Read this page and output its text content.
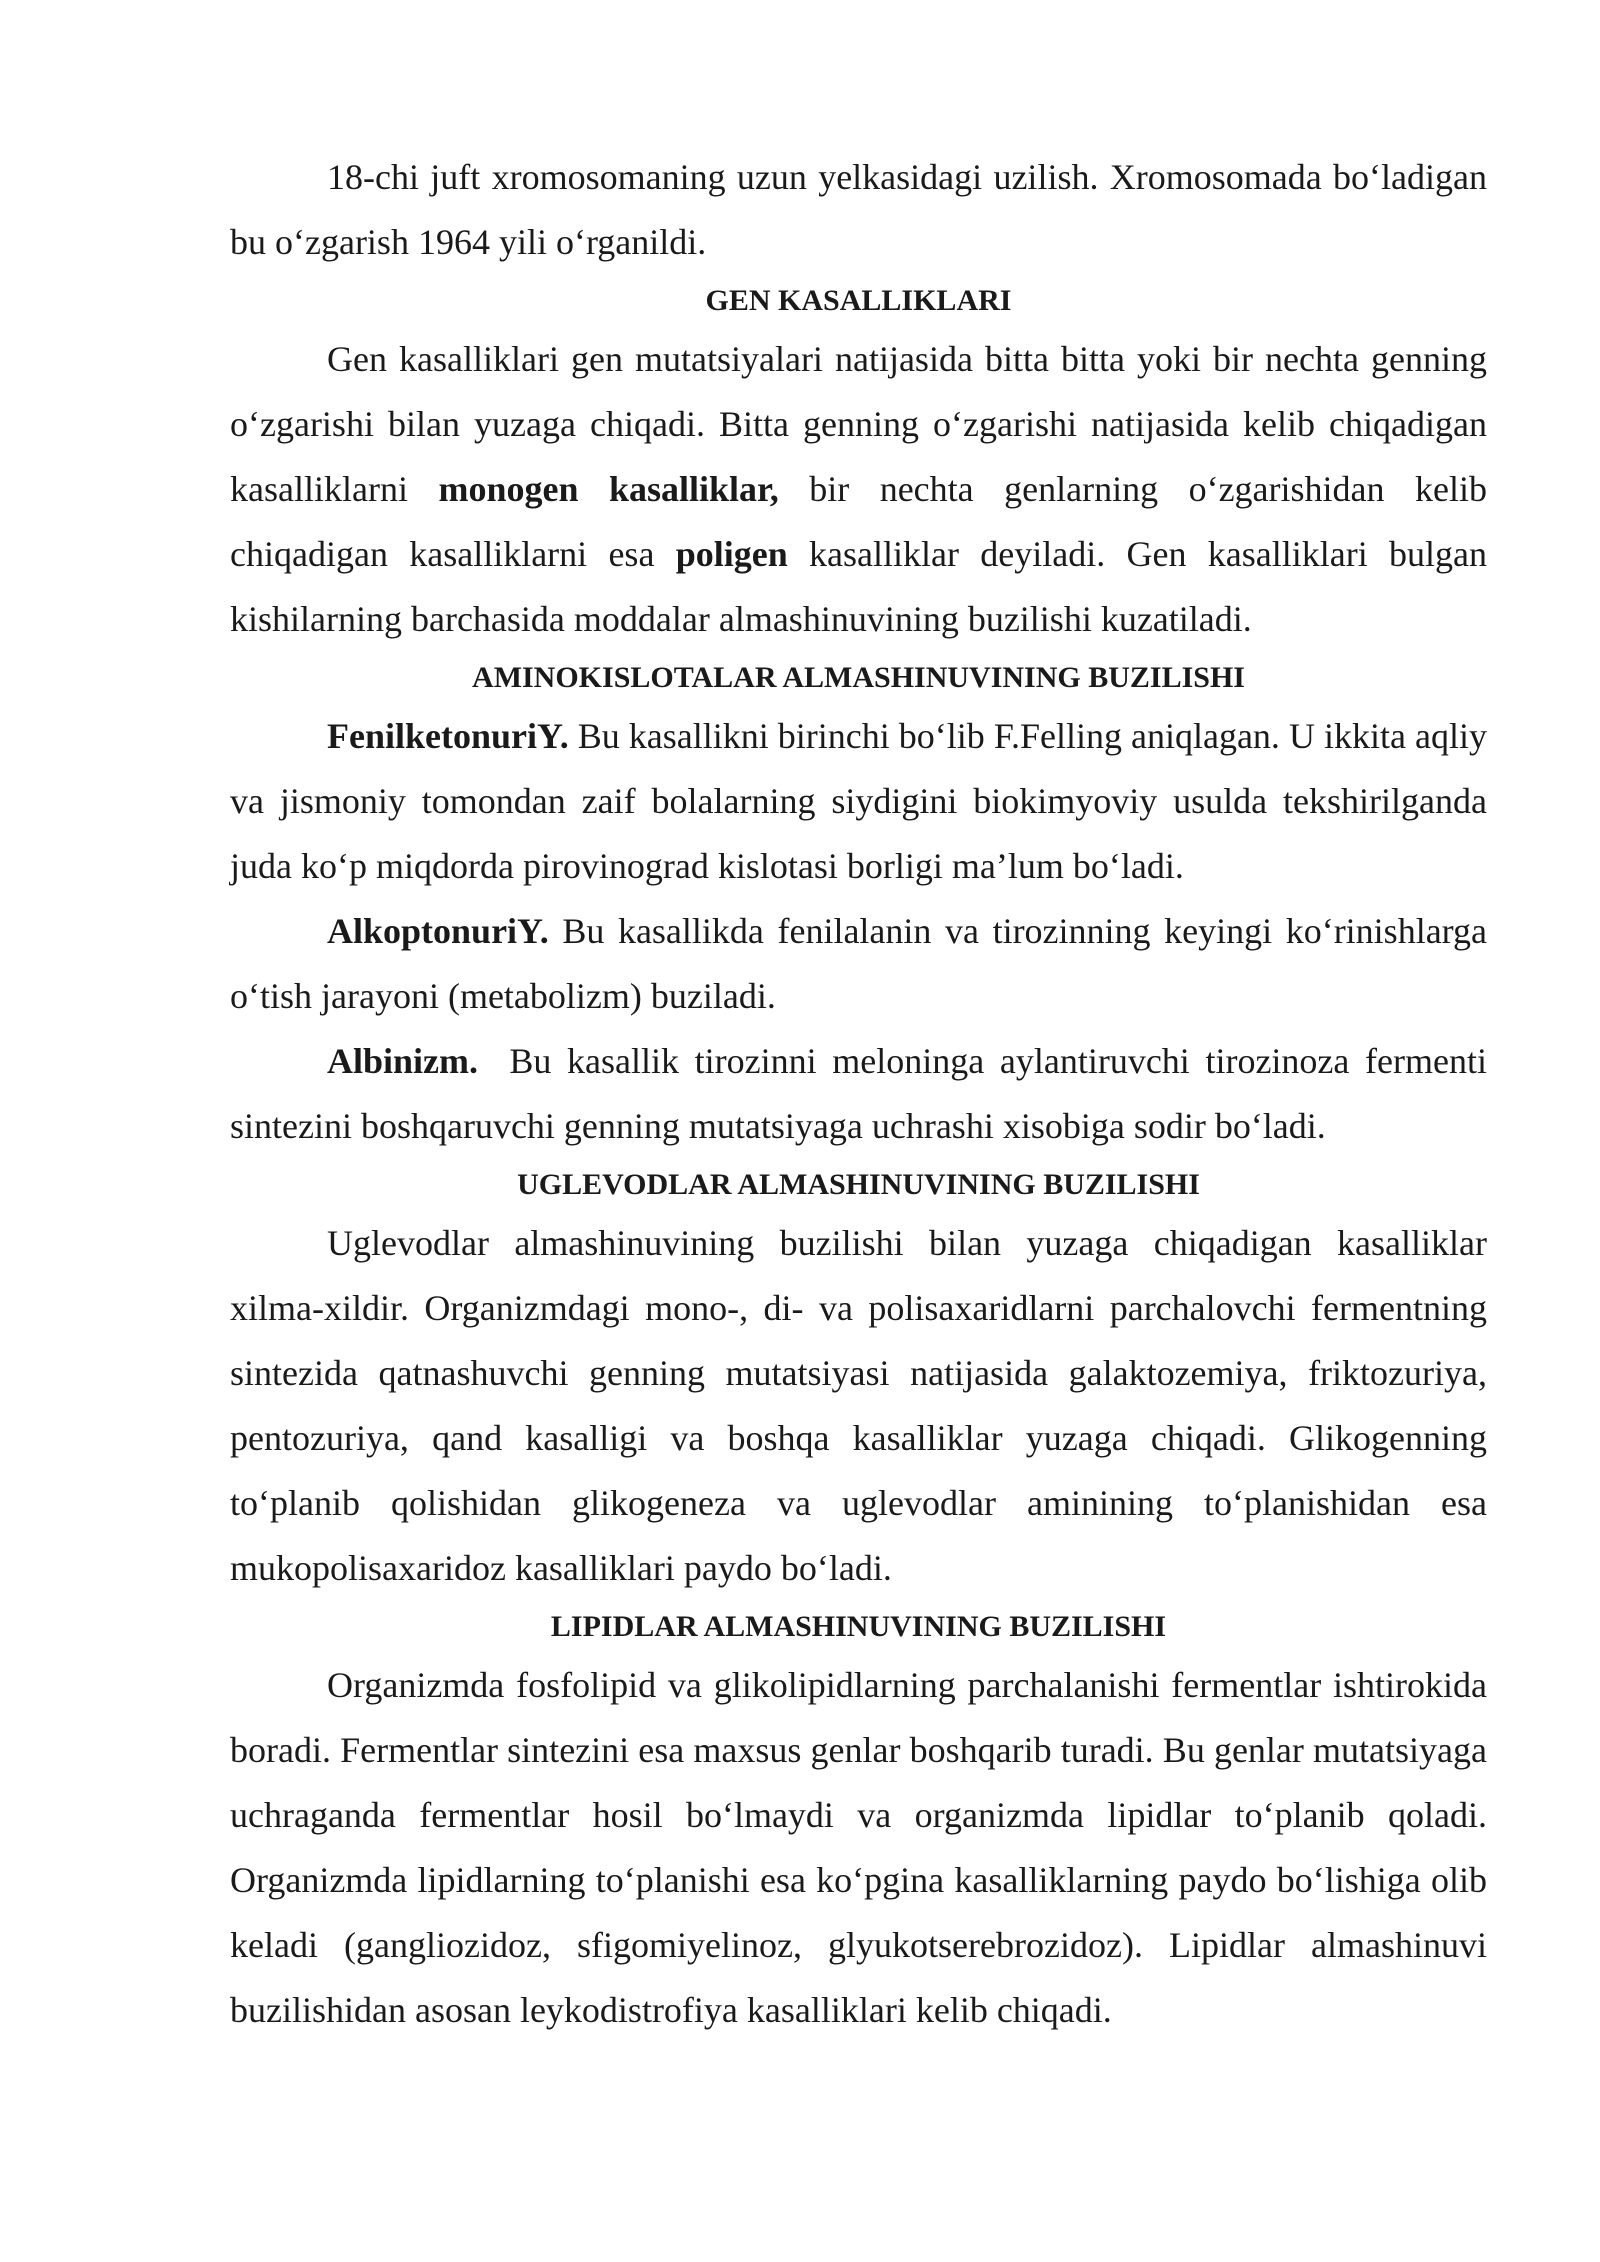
18-chi juft xromosomaning uzun yelkasidagi uzilish. Xromosomada bo‘ladigan bu o‘zgarish 1964 yili o‘rganildi.

GEN KASALLIKLARI

Gen kasalliklari gen mutatsiyalari natijasida bitta bitta yoki bir nechta genning o‘zgarishi bilan yuzaga chiqadi. Bitta genning o‘zgarishi natijasida kelib chiqadigan kasalliklarni monogen kasalliklar, bir nechta genlarning o‘zgarishidan kelib chiqadigan kasalliklarni esa poligen kasalliklar deyiladi. Gen kasalliklari bulgan kishilarning barchasida moddalar almashinuvining buzilishi kuzatiladi.

AMINOKISLOTALAR ALMASHINUVINING BUZILISHI

FenilketonuriY. Bu kasallikni birinchi bo‘lib F.Felling aniqlagan. U ikkita aqliy va jismoniy tomondan zaif bolalarning siydigini biokimyoviy usulda tekshirilganda juda ko‘p miqdorda pirovinograd kislotasi borligi ma’lum bo‘ladi.

AlkoptonuriY. Bu kasallikda fenilalanin va tirozinning keyingi ko‘rinishlarga o‘tish jarayoni (metabolizm) buziladi.

Albinizm.  Bu kasallik tirozinni meloninga aylantiruvchi tirozinoza fermenti sintezini boshqaruvchi genning mutatsiyaga uchrashi xisobiga sodir bo‘ladi.

UGLEVODLAR ALMASHINUVINING BUZILISHI

Uglevodlar almashinuvining buzilishi bilan yuzaga chiqadigan kasalliklar xilma-xildir. Organizmdagi mono-, di- va polisaxaridlarni parchalovchi fermentning sintezida qatnashuvchi genning mutatsiyasi natijasida galaktozemiya, friktozuriya, pentozuriya, qand kasalligi va boshqa kasalliklar yuzaga chiqadi. Glikogenning to‘planib qolishidan glikogeneza va uglevodlar aminining to‘planishidan esa mukopolisaxaridoz kasalliklari paydo bo‘ladi.

LIPIDLAR ALMASHINUVINING BUZILISHI

Organizmda fosfolipid va glikolipidlarning parchalanishi fermentlar ishtirokida boradi. Fermentlar sintezini esa maxsus genlar boshqarib turadi. Bu genlar mutatsiyaga uchraganda fermentlar hosil bo‘lmaydi va organizmda lipidlar to‘planib qoladi. Organizmda lipidlarning to‘planishi esa ko‘pgina kasalliklarning paydo bo‘lishiga olib keladi (gangliozidoz, sfigomiyelinoz, glyukotserebrozidoz). Lipidlar almashinuvi buzilishidan asosan leykodistrofiya kasalliklari kelib chiqadi.
